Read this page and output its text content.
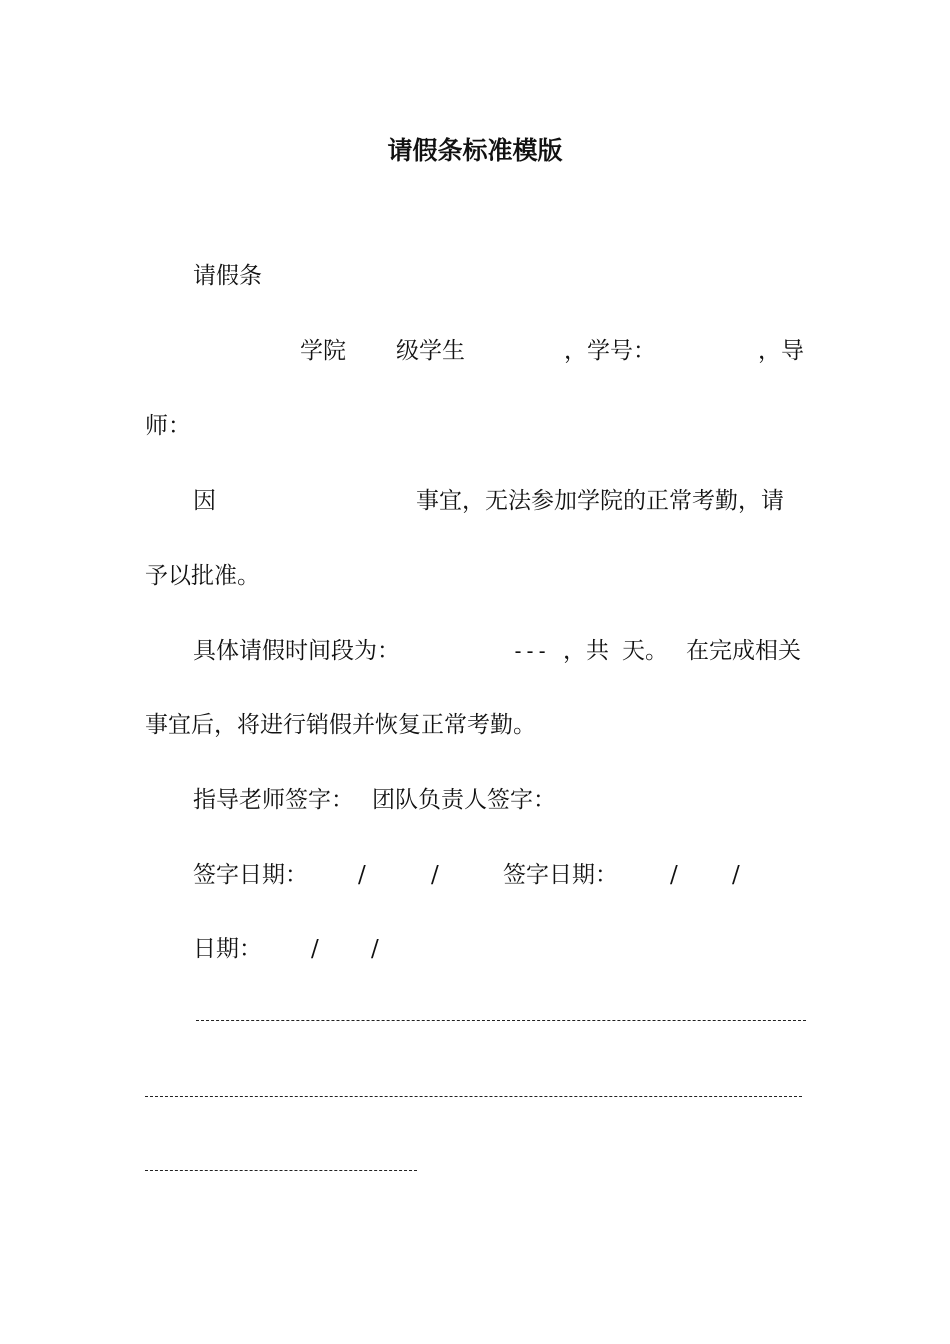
请假条标准模版
请假条
学院 级学生	，学号：	，导
师：
因	事宜，无法参加学院的正常考勤，请
予以批准。
具体请假时间段为：	--- ，共 天。 在完成相关
事宜后，将进行销假并恢复正常考勤。
指导老师签字： 团队负责人签字：
签字日期： /	/	签字日期： / /
日期： / /
